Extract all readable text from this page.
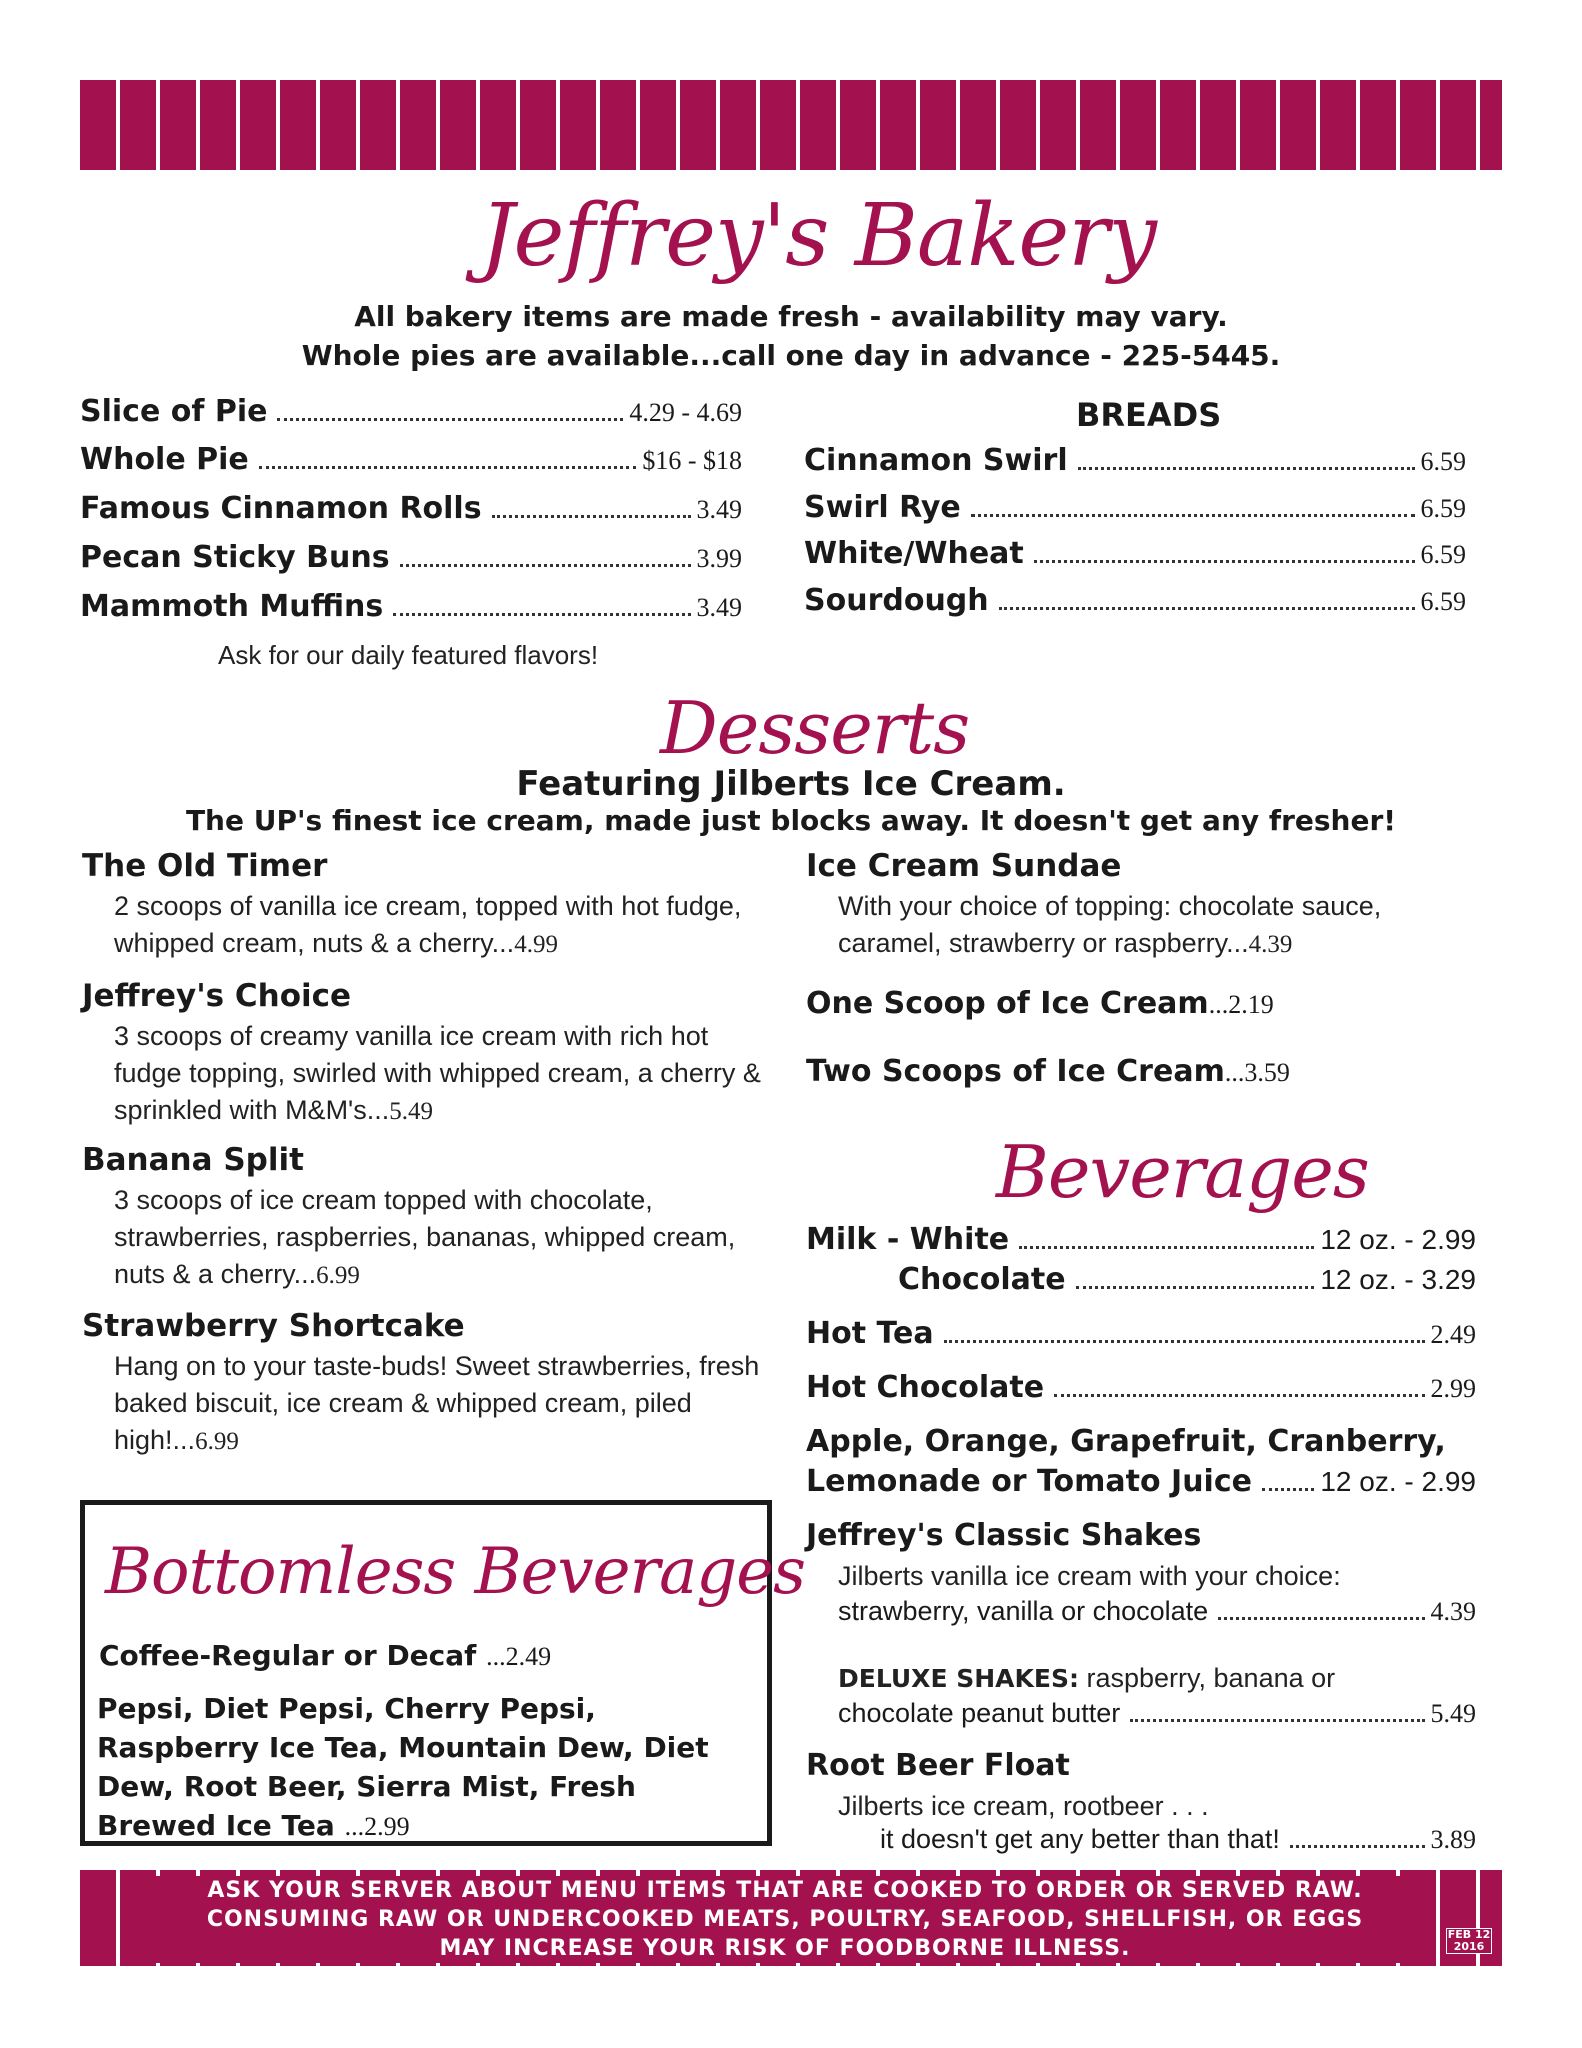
Jeffrey's Bakery
All bakery items are made fresh - availability may vary.
Whole pies are available...call one day in advance - 225-5445.
Slice of Pie	4.29 - 4.69
Whole Pie	$16 - $18
Famous Cinnamon Rolls	3.49
Pecan Sticky Buns	3.99
Mammoth Muffins	3.49
Ask for our daily featured flavors!
BREADS
Cinnamon Swirl	6.59
Swirl Rye	6.59
White/Wheat	6.59
Sourdough	6.59
Desserts
Featuring Jilberts Ice Cream.
The UP's finest ice cream, made just blocks away. It doesn't get any fresher!
The Old Timer
2 scoops of vanilla ice cream, topped with hot fudge, whipped cream, nuts & a cherry...4.99
Jeffrey's Choice
3 scoops of creamy vanilla ice cream with rich hot fudge topping, swirled with whipped cream, a cherry & sprinkled with M&M's...5.49
Banana Split
3 scoops of ice cream topped with chocolate, strawberries, raspberries, bananas, whipped cream, nuts & a cherry...6.99
Strawberry Shortcake
Hang on to your taste-buds! Sweet strawberries, fresh baked biscuit, ice cream & whipped cream, piled high!...6.99
Ice Cream Sundae
With your choice of topping: chocolate sauce, caramel, strawberry or raspberry...4.39
One Scoop of Ice Cream...2.19
Two Scoops of Ice Cream...3.59
Beverages
Milk - White	12 oz. - 2.99
Chocolate	12 oz. - 3.29
Hot Tea	2.49
Hot Chocolate	2.99
Apple, Orange, Grapefruit, Cranberry,
Lemonade or Tomato Juice	12 oz. - 2.99
Jeffrey's Classic Shakes
Jilberts vanilla ice cream with your choice:
strawberry, vanilla or chocolate	4.39
DELUXE SHAKES: raspberry, banana or
chocolate peanut butter	5.49
Root Beer Float
Jilberts ice cream, rootbeer . . .
it doesn't get any better than that!	3.89
Bottomless Beverages
Coffee-Regular or Decaf ...2.49
Pepsi, Diet Pepsi, Cherry Pepsi, Raspberry Ice Tea, Mountain Dew, Diet Dew, Root Beer, Sierra Mist, Fresh Brewed Ice Tea ...2.99
ASK YOUR SERVER ABOUT MENU ITEMS THAT ARE COOKED TO ORDER OR SERVED RAW.
CONSUMING RAW OR UNDERCOOKED MEATS, POULTRY, SEAFOOD, SHELLFISH, OR EGGS
MAY INCREASE YOUR RISK OF FOODBORNE ILLNESS.
FEB 12
2016
